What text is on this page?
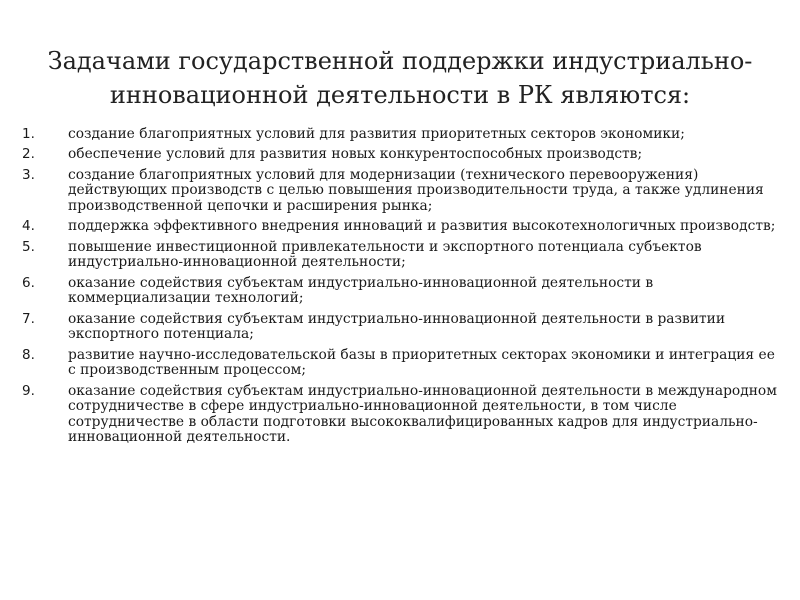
Задачами государственной поддержки индустриально-инновационной деятельности в РК являются:
1.	создание благоприятных условий для развития приоритетных секторов экономики;
2.	обеспечение условий для развития новых конкурентоспособных производств;
3.	создание благоприятных условий для модернизации (технического перевооружения) действующих производств с целью повышения производительности труда, а также удлинения производственной цепочки и расширения рынка;
4.	поддержка эффективного внедрения инноваций и развития высокотехнологичных производств;
5.	повышение инвестиционной привлекательности и экспортного потенциала субъектов индустриально-инновационной деятельности;
6.	оказание содействия субъектам индустриально-инновационной деятельности в коммерциализации технологий;
7.	оказание содействия субъектам индустриально-инновационной деятельности в развитии экспортного потенциала;
8.	развитие научно-исследовательской базы в приоритетных секторах экономики и интеграция ее с производственным процессом;
9.	оказание содействия субъектам индустриально-инновационной деятельности в международном сотрудничестве в сфере индустриально-инновационной деятельности, в том числе сотрудничестве в области подготовки высококвалифицированных кадров для индустриально-инновационной деятельности.
